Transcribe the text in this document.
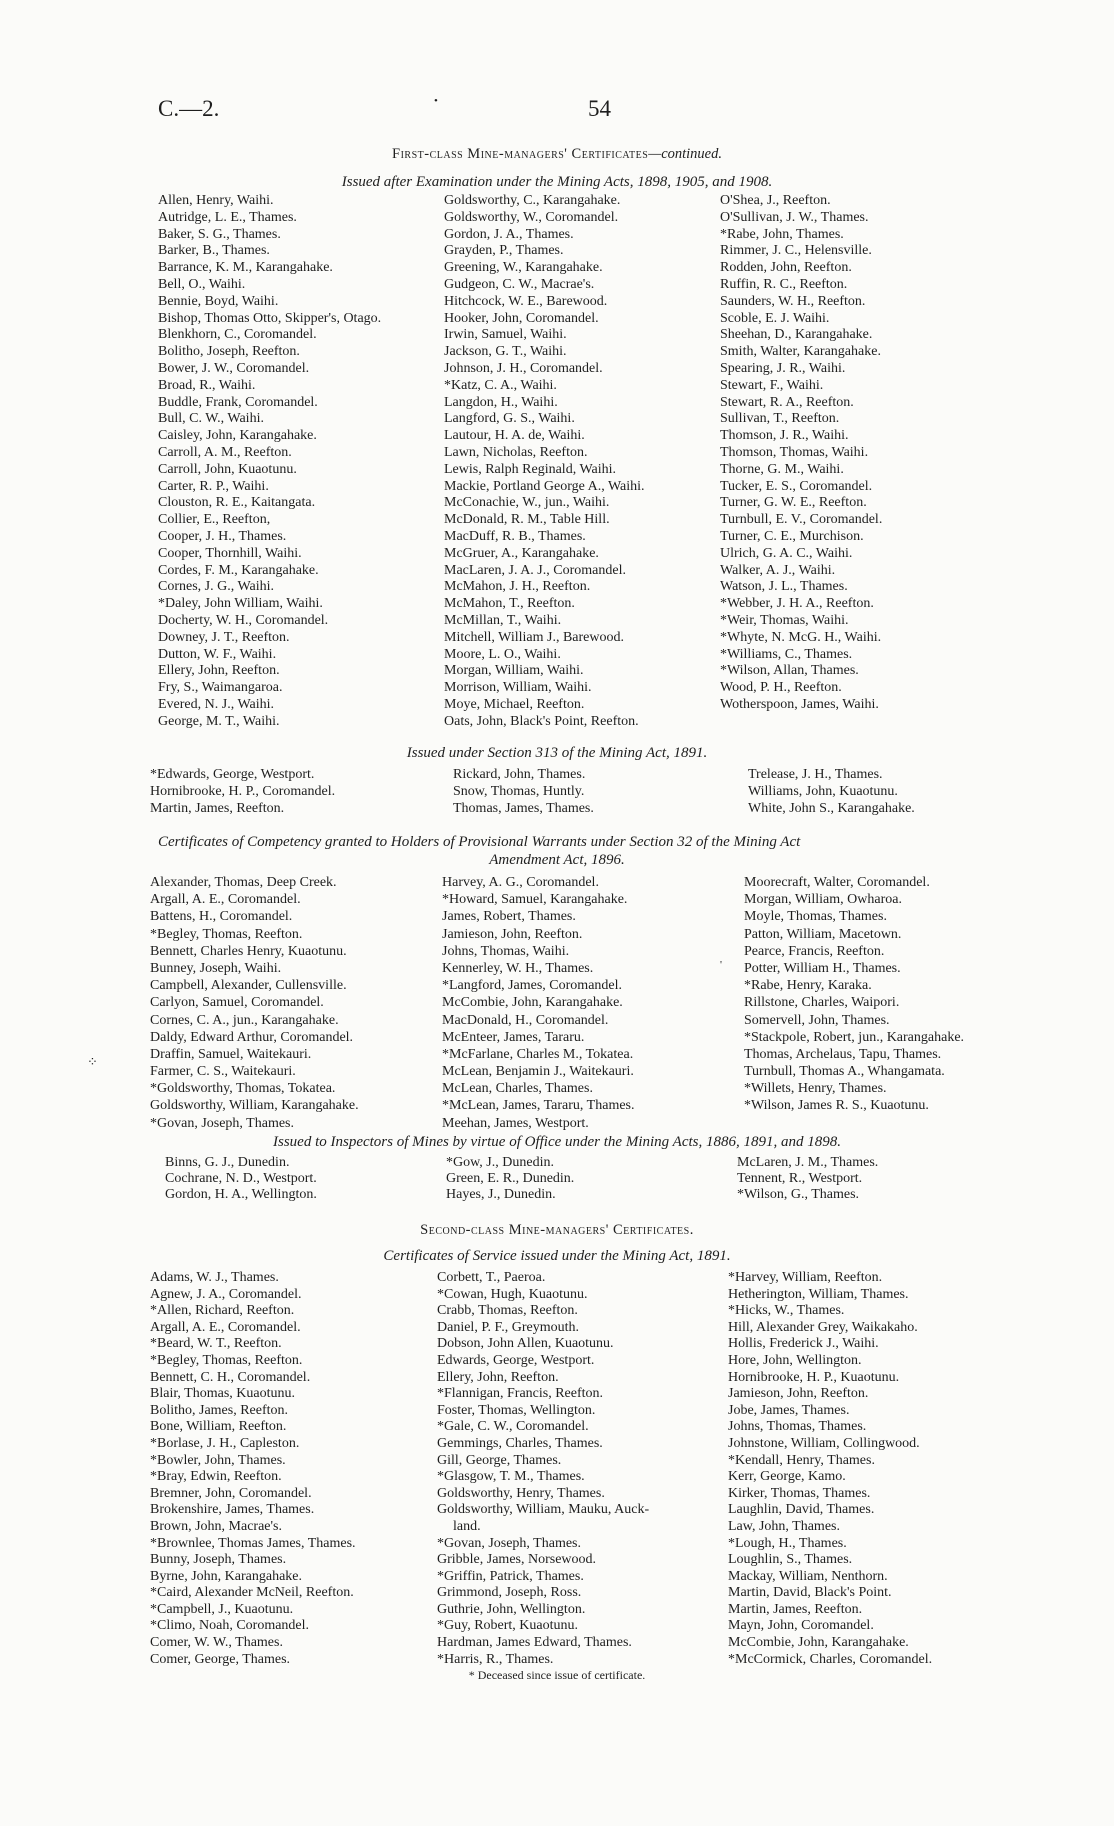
C.—2.	54
•
First-class Mine-managers' Certificates—continued.
Issued after Examination under the Mining Acts, 1898, 1905, and 1908.
Allen, Henry, Waihi.
Autridge, L. E., Thames.
Baker, S. G., Thames.
Barker, B., Thames.
Barrance, K. M., Karangahake.
Bell, O., Waihi.
Bennie, Boyd, Waihi.
Bishop, Thomas Otto, Skipper's, Otago.
Blenkhorn, C., Coromandel.
Bolitho, Joseph, Reefton.
Bower, J. W., Coromandel.
Broad, R., Waihi.
Buddle, Frank, Coromandel.
Bull, C. W., Waihi.
Caisley, John, Karangahake.
Carroll, A. M., Reefton.
Carroll, John, Kuaotunu.
Carter, R. P., Waihi.
Clouston, R. E., Kaitangata.
Collier, E., Reefton,
Cooper, J. H., Thames.
Cooper, Thornhill, Waihi.
Cordes, F. M., Karangahake.
Cornes, J. G., Waihi.
*Daley, John William, Waihi.
Docherty, W. H., Coromandel.
Downey, J. T., Reefton.
Dutton, W. F., Waihi.
Ellery, John, Reefton.
Fry, S., Waimangaroa.
Evered, N. J., Waihi.
George, M. T., Waihi.
Goldsworthy, C., Karangahake.
Goldsworthy, W., Coromandel.
Gordon, J. A., Thames.
Grayden, P., Thames.
Greening, W., Karangahake.
Gudgeon, C. W., Macrae's.
Hitchcock, W. E., Barewood.
Hooker, John, Coromandel.
Irwin, Samuel, Waihi.
Jackson, G. T., Waihi.
Johnson, J. H., Coromandel.
*Katz, C. A., Waihi.
Langdon, H., Waihi.
Langford, G. S., Waihi.
Lautour, H. A. de, Waihi.
Lawn, Nicholas, Reefton.
Lewis, Ralph Reginald, Waihi.
Mackie, Portland George A., Waihi.
McConachie, W., jun., Waihi.
McDonald, R. M., Table Hill.
MacDuff, R. B., Thames.
McGruer, A., Karangahake.
MacLaren, J. A. J., Coromandel.
McMahon, J. H., Reefton.
McMahon, T., Reefton.
McMillan, T., Waihi.
Mitchell, William J., Barewood.
Moore, L. O., Waihi.
Morgan, William, Waihi.
Morrison, William, Waihi.
Moye, Michael, Reefton.
Oats, John, Black's Point, Reefton.
O'Shea, J., Reefton.
O'Sullivan, J. W., Thames.
*Rabe, John, Thames.
Rimmer, J. C., Helensville.
Rodden, John, Reefton.
Ruffin, R. C., Reefton.
Saunders, W. H., Reefton.
Scoble, E. J. Waihi.
Sheehan, D., Karangahake.
Smith, Walter, Karangahake.
Spearing, J. R., Waihi.
Stewart, F., Waihi.
Stewart, R. A., Reefton.
Sullivan, T., Reefton.
Thomson, J. R., Waihi.
Thomson, Thomas, Waihi.
Thorne, G. M., Waihi.
Tucker, E. S., Coromandel.
Turner, G. W. E., Reefton.
Turnbull, E. V., Coromandel.
Turner, C. E., Murchison.
Ulrich, G. A. C., Waihi.
Walker, A. J., Waihi.
Watson, J. L., Thames.
*Webber, J. H. A., Reefton.
*Weir, Thomas, Waihi.
*Whyte, N. McG. H., Waihi.
*Williams, C., Thames.
*Wilson, Allan, Thames.
Wood, P. H., Reefton.
Wotherspoon, James, Waihi.
Issued under Section 313 of the Mining Act, 1891.
*Edwards, George, Westport.
Hornibrooke, H. P., Coromandel.
Martin, James, Reefton.
Rickard, John, Thames.
Snow, Thomas, Huntly.
Thomas, James, Thames.
Trelease, J. H., Thames.
Williams, John, Kuaotunu.
White, John S., Karangahake.
Certificates of Competency granted to Holders of Provisional Warrants under Section 32 of the Mining Act
Amendment Act, 1896.
Alexander, Thomas, Deep Creek.
Argall, A. E., Coromandel.
Battens, H., Coromandel.
*Begley, Thomas, Reefton.
Bennett, Charles Henry, Kuaotunu.
Bunney, Joseph, Waihi.
Campbell, Alexander, Cullensville.
Carlyon, Samuel, Coromandel.
Cornes, C. A., jun., Karangahake.
Daldy, Edward Arthur, Coromandel.
Draffin, Samuel, Waitekauri.
Farmer, C. S., Waitekauri.
*Goldsworthy, Thomas, Tokatea.
Goldsworthy, William, Karangahake.
*Govan, Joseph, Thames.
Harvey, A. G., Coromandel.
*Howard, Samuel, Karangahake.
James, Robert, Thames.
Jamieson, John, Reefton.
Johns, Thomas, Waihi.
Kennerley, W. H., Thames.
*Langford, James, Coromandel.
McCombie, John, Karangahake.
MacDonald, H., Coromandel.
McEnteer, James, Tararu.
*McFarlane, Charles M., Tokatea.
McLean, Benjamin J., Waitekauri.
McLean, Charles, Thames.
*McLean, James, Tararu, Thames.
Meehan, James, Westport.
Moorecraft, Walter, Coromandel.
Morgan, William, Owharoa.
Moyle, Thomas, Thames.
Patton, William, Macetown.
Pearce, Francis, Reefton.
Potter, William H., Thames.
*Rabe, Henry, Karaka.
Rillstone, Charles, Waipori.
Somervell, John, Thames.
*Stackpole, Robert, jun., Karangahake.
Thomas, Archelaus, Tapu, Thames.
Turnbull, Thomas A., Whangamata.
*Willets, Henry, Thames.
*Wilson, James R. S., Kuaotunu.
'
⁘
Issued to Inspectors of Mines by virtue of Office under the Mining Acts, 1886, 1891, and 1898.
Binns, G. J., Dunedin.
Cochrane, N. D., Westport.
Gordon, H. A., Wellington.
*Gow, J., Dunedin.
Green, E. R., Dunedin.
Hayes, J., Dunedin.
McLaren, J. M., Thames.
Tennent, R., Westport.
*Wilson, G., Thames.
Second-class Mine-managers' Certificates.
Certificates of Service issued under the Mining Act, 1891.
Adams, W. J., Thames.
Agnew, J. A., Coromandel.
*Allen, Richard, Reefton.
Argall, A. E., Coromandel.
*Beard, W. T., Reefton.
*Begley, Thomas, Reefton.
Bennett, C. H., Coromandel.
Blair, Thomas, Kuaotunu.
Bolitho, James, Reefton.
Bone, William, Reefton.
*Borlase, J. H., Capleston.
*Bowler, John, Thames.
*Bray, Edwin, Reefton.
Bremner, John, Coromandel.
Brokenshire, James, Thames.
Brown, John, Macrae's.
*Brownlee, Thomas James, Thames.
Bunny, Joseph, Thames.
Byrne, John, Karangahake.
*Caird, Alexander McNeil, Reefton.
*Campbell, J., Kuaotunu.
*Climo, Noah, Coromandel.
Comer, W. W., Thames.
Comer, George, Thames.
Corbett, T., Paeroa.
*Cowan, Hugh, Kuaotunu.
Crabb, Thomas, Reefton.
Daniel, P. F., Greymouth.
Dobson, John Allen, Kuaotunu.
Edwards, George, Westport.
Ellery, John, Reefton.
*Flannigan, Francis, Reefton.
Foster, Thomas, Wellington.
*Gale, C. W., Coromandel.
Gemmings, Charles, Thames.
Gill, George, Thames.
*Glasgow, T. M., Thames.
Goldsworthy, Henry, Thames.
Goldsworthy, William, Mauku, Auck-
land.
*Govan, Joseph, Thames.
Gribble, James, Norsewood.
*Griffin, Patrick, Thames.
Grimmond, Joseph, Ross.
Guthrie, John, Wellington.
*Guy, Robert, Kuaotunu.
Hardman, James Edward, Thames.
*Harris, R., Thames.
*Harvey, William, Reefton.
Hetherington, William, Thames.
*Hicks, W., Thames.
Hill, Alexander Grey, Waikakaho.
Hollis, Frederick J., Waihi.
Hore, John, Wellington.
Hornibrooke, H. P., Kuaotunu.
Jamieson, John, Reefton.
Jobe, James, Thames.
Johns, Thomas, Thames.
Johnstone, William, Collingwood.
*Kendall, Henry, Thames.
Kerr, George, Kamo.
Kirker, Thomas, Thames.
Laughlin, David, Thames.
Law, John, Thames.
*Lough, H., Thames.
Loughlin, S., Thames.
Mackay, William, Nenthorn.
Martin, David, Black's Point.
Martin, James, Reefton.
Mayn, John, Coromandel.
McCombie, John, Karangahake.
*McCormick, Charles, Coromandel.
* Deceased since issue of certificate.
